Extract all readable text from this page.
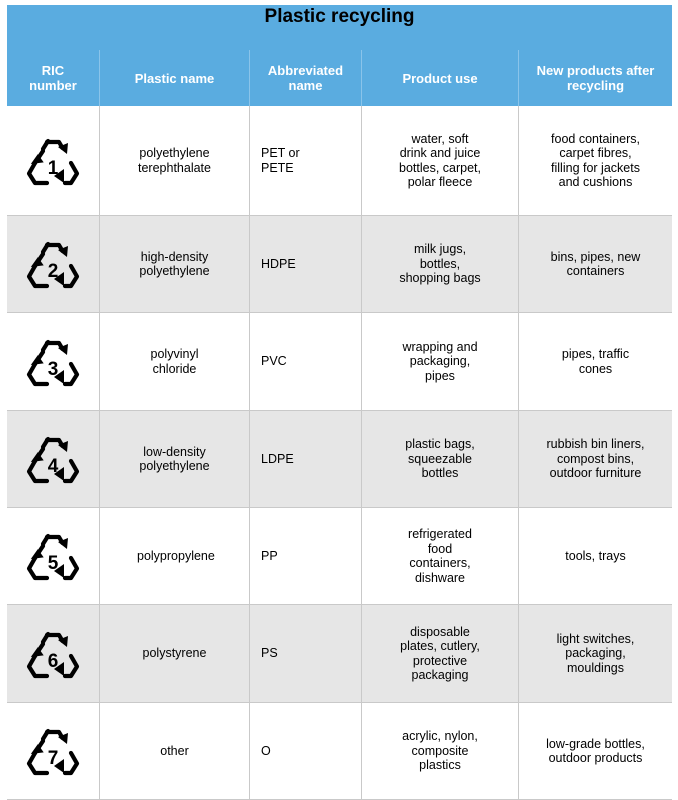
Plastic recycling
RIC number	Plastic name	Abbreviated name	Product use	New products after recycling

1	polyethylene terephthalate	PET or PETE	water, soft drink and juice bottles, carpet, polar fleece	food containers, carpet fibres, filling for jackets and cushions

2	high-density polyethylene	HDPE	milk jugs, bottles, shopping bags	bins, pipes, new containers

3	polyvinyl chloride	PVC	wrapping and packaging, pipes	pipes, traffic cones

4	low-density polyethylene	LDPE	plastic bags, squeezable bottles	rubbish bin liners, compost bins, outdoor furniture

5	polypropylene	PP	refrigerated food containers, dishware	tools, trays

6	polystyrene	PS	disposable plates, cutlery, protective packaging	light switches, packaging, mouldings

7	other	O	acrylic, nylon, composite plastics	low-grade bottles, outdoor products
